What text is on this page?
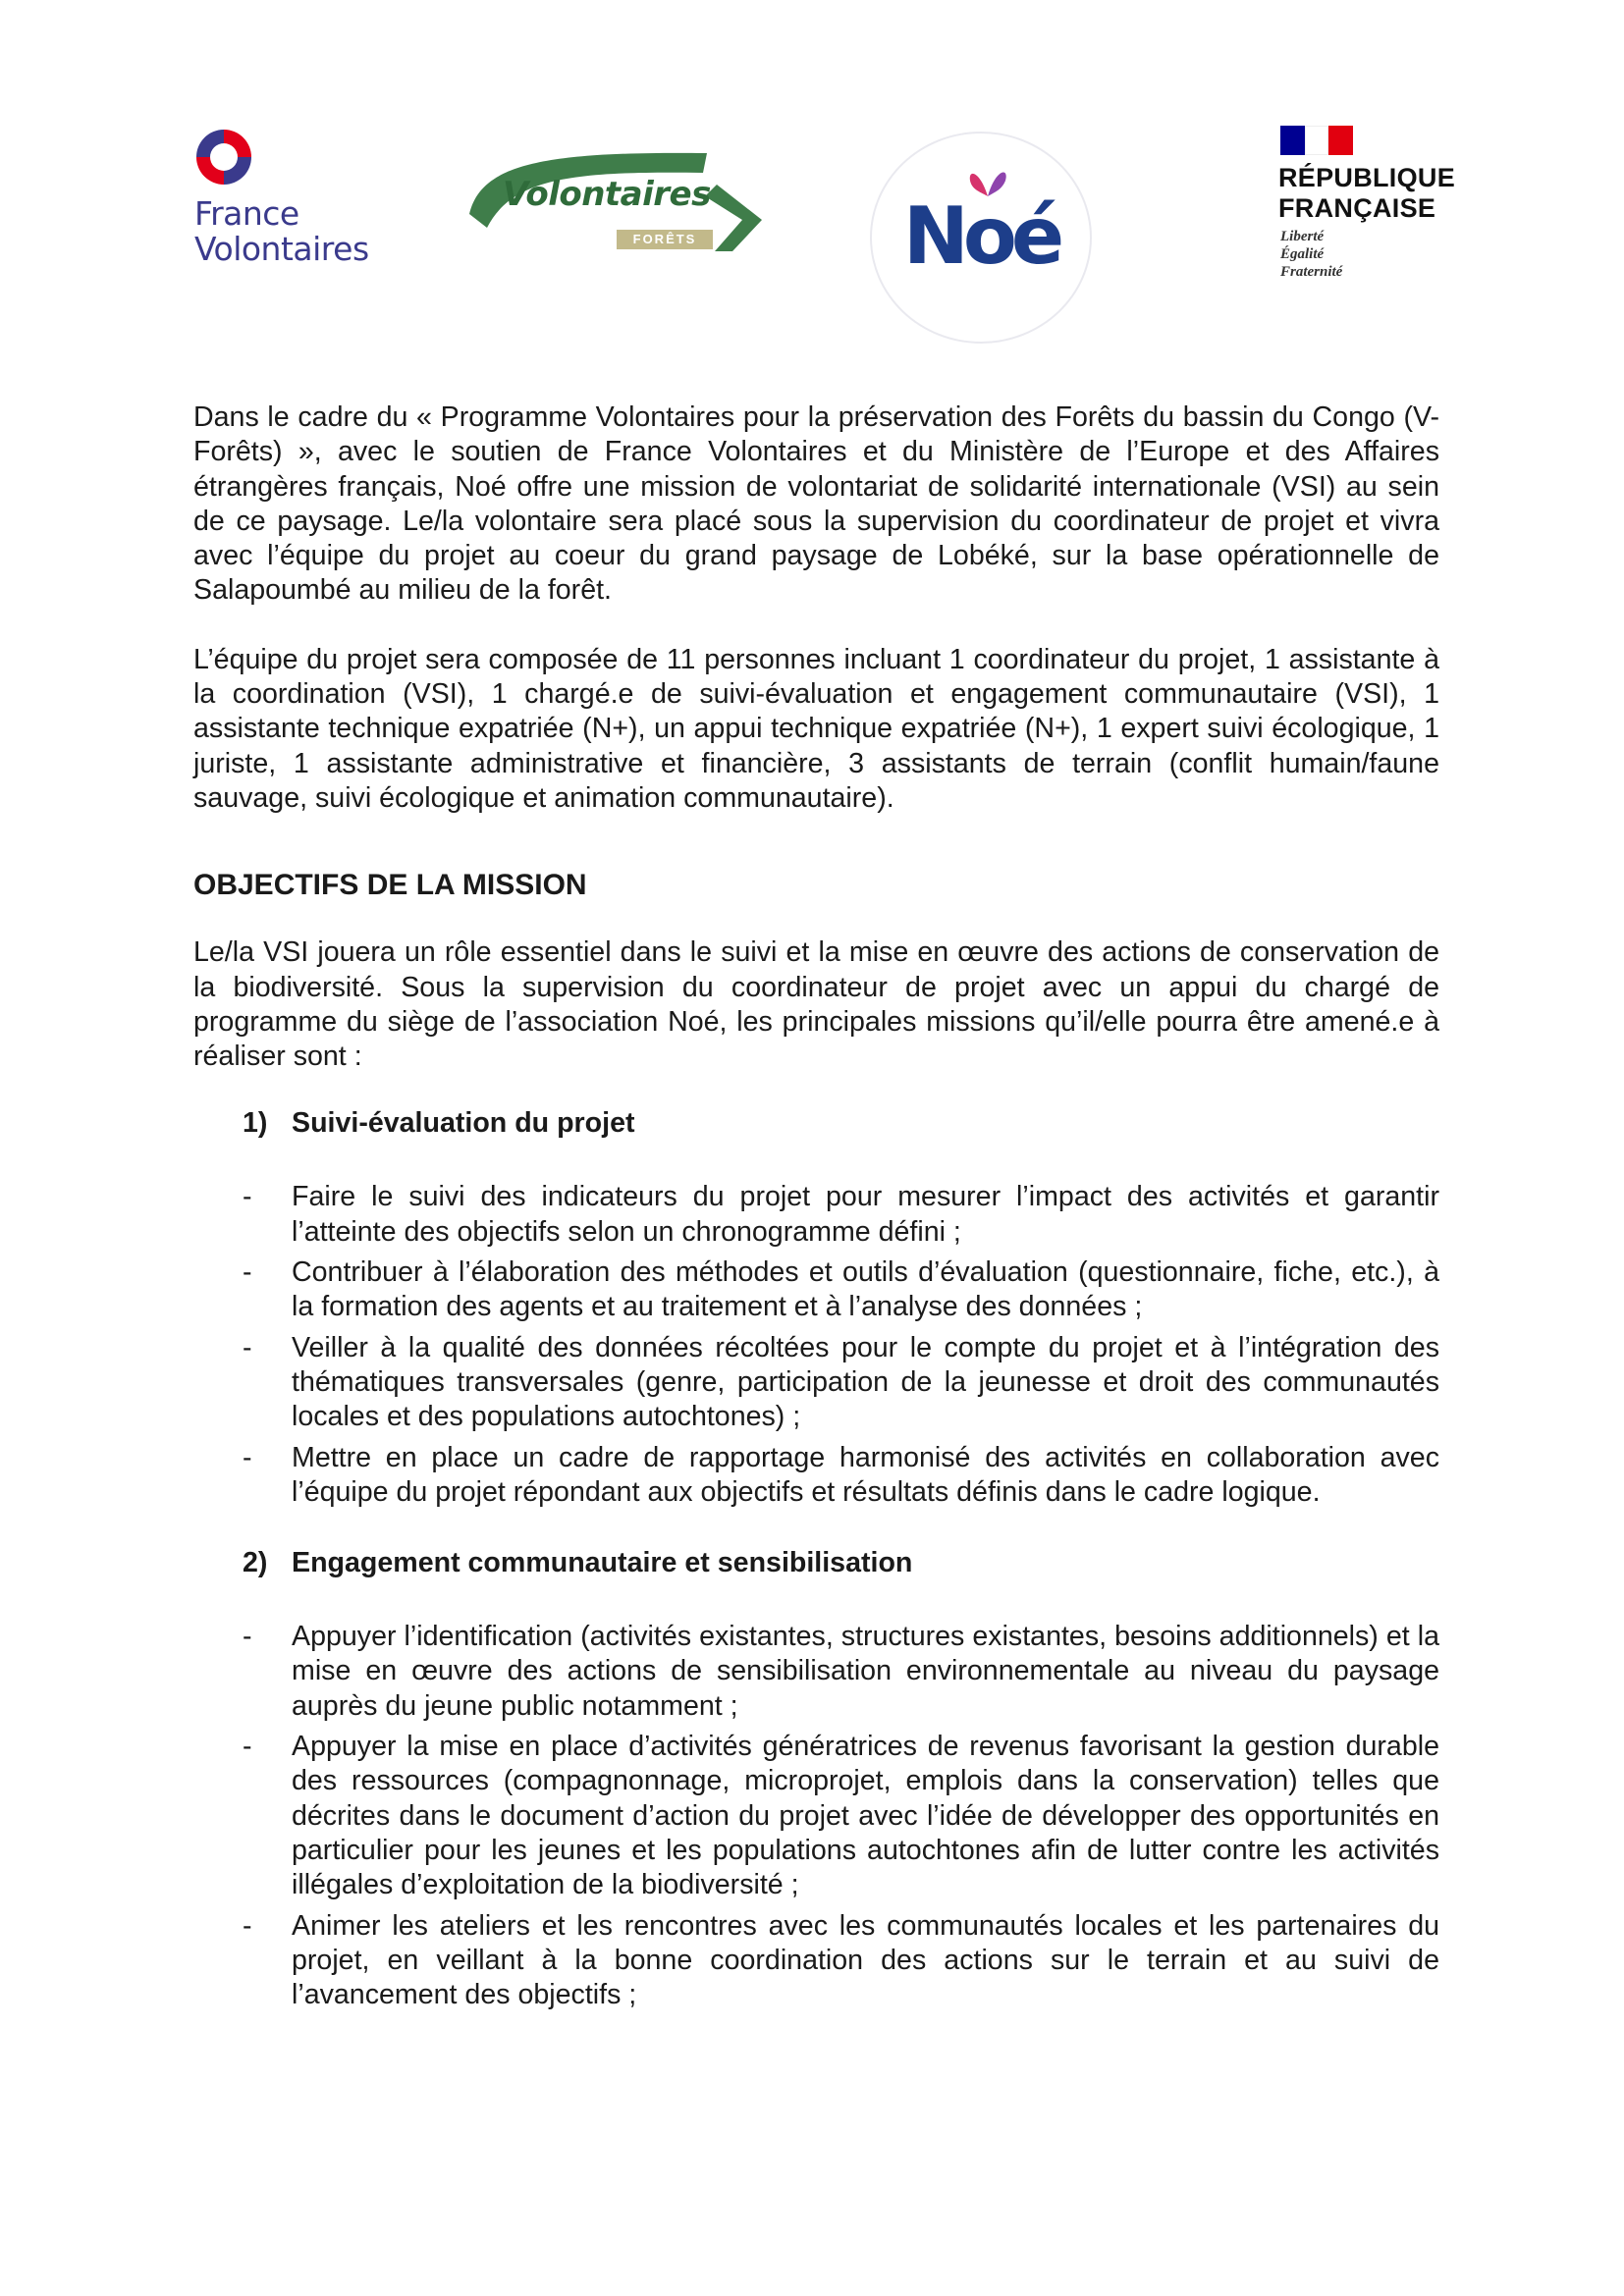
France
Volontaires
Volontaires
FORÊTS	Noé
RÉPUBLIQUE
FRANÇAISE
Liberté
Égalité
Fraternité

Dans le cadre du « Programme Volontaires pour la préservation des Forêts du bassin du Congo (V-Forêts) », avec le soutien de France Volontaires et du Ministère de l’Europe et des Affaires étrangères français, Noé offre une mission de volontariat de solidarité internationale (VSI) au sein de ce paysage. Le/la volontaire sera placé sous la supervision du coordinateur de projet et vivra avec l’équipe du projet au coeur du grand paysage de Lobéké, sur la base opérationnelle de Salapoumbé au milieu de la forêt.

L’équipe du projet sera composée de 11 personnes incluant 1 coordinateur du projet, 1 assistante à la coordination (VSI), 1 chargé.e de suivi-évaluation et engagement communautaire (VSI), 1 assistante technique expatriée (N+), un appui technique expatriée (N+), 1 expert suivi écologique, 1 juriste, 1 assistante administrative et financière, 3 assistants de terrain (conflit humain/faune sauvage, suivi écologique et animation communautaire).

OBJECTIFS DE LA MISSION

Le/la VSI jouera un rôle essentiel dans le suivi et la mise en œuvre des actions de conservation de la biodiversité. Sous la supervision du coordinateur de projet avec un appui du chargé de programme du siège de l’association Noé, les principales missions qu’il/elle pourra être amené.e à réaliser sont :

1) Suivi-évaluation du projet
- Faire le suivi des indicateurs du projet pour mesurer l’impact des activités et garantir l’atteinte des objectifs selon un chronogramme défini ;
- Contribuer à l’élaboration des méthodes et outils d’évaluation (questionnaire, fiche, etc.), à la formation des agents et au traitement et à l’analyse des données ;
- Veiller à la qualité des données récoltées pour le compte du projet et à l’intégration des thématiques transversales (genre, participation de la jeunesse et droit des communautés locales et des populations autochtones) ;
- Mettre en place un cadre de rapportage harmonisé des activités en collaboration avec l’équipe du projet répondant aux objectifs et résultats définis dans le cadre logique.
2) Engagement communautaire et sensibilisation
- Appuyer l’identification (activités existantes, structures existantes, besoins additionnels) et la mise en œuvre des actions de sensibilisation environnementale au niveau du paysage auprès du jeune public notamment ;
- Appuyer la mise en place d’activités génératrices de revenus favorisant la gestion durable des ressources (compagnonnage, microprojet, emplois dans la conservation) telles que décrites dans le document d’action du projet avec l’idée de développer des opportunités en particulier pour les jeunes et les populations autochtones afin de lutter contre les activités illégales d’exploitation de la biodiversité ;
- Animer les ateliers et les rencontres avec les communautés locales et les partenaires du projet, en veillant à la bonne coordination des actions sur le terrain et au suivi de l’avancement des objectifs ;
